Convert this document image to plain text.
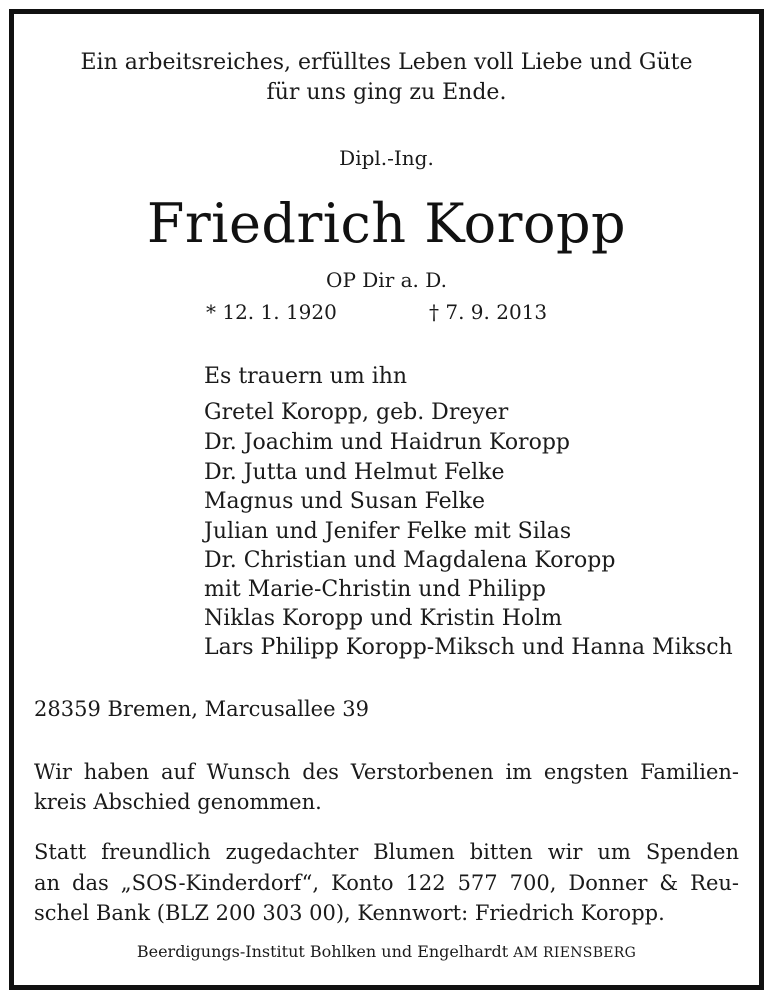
Ein arbeitsreiches, erfülltes Leben voll Liebe und Güte
für uns ging zu Ende.
Dipl.-Ing.
Friedrich Koropp
OP Dir a. D.
* 12. 1. 1920	† 7. 9. 2013
Es trauern um ihn
Gretel Koropp, geb. Dreyer
Dr. Joachim und Haidrun Koropp
Dr. Jutta und Helmut Felke
Magnus und Susan Felke
Julian und Jenifer Felke mit Silas
Dr. Christian und Magdalena Koropp
mit Marie-Christin und Philipp
Niklas Koropp und Kristin Holm
Lars Philipp Koropp-Miksch und Hanna Miksch
28359 Bremen, Marcusallee 39
Wir haben auf Wunsch des Verstorbenen im engsten Familien-
kreis Abschied genommen.
Statt freundlich zugedachter Blumen bitten wir um Spenden
an das „SOS-Kinderdorf“, Konto 122 577 700, Donner & Reu-
schel Bank (BLZ 200 303 00), Kennwort: Friedrich Koropp.
Beerdigungs-Institut Bohlken und Engelhardt AM RIENSBERG
